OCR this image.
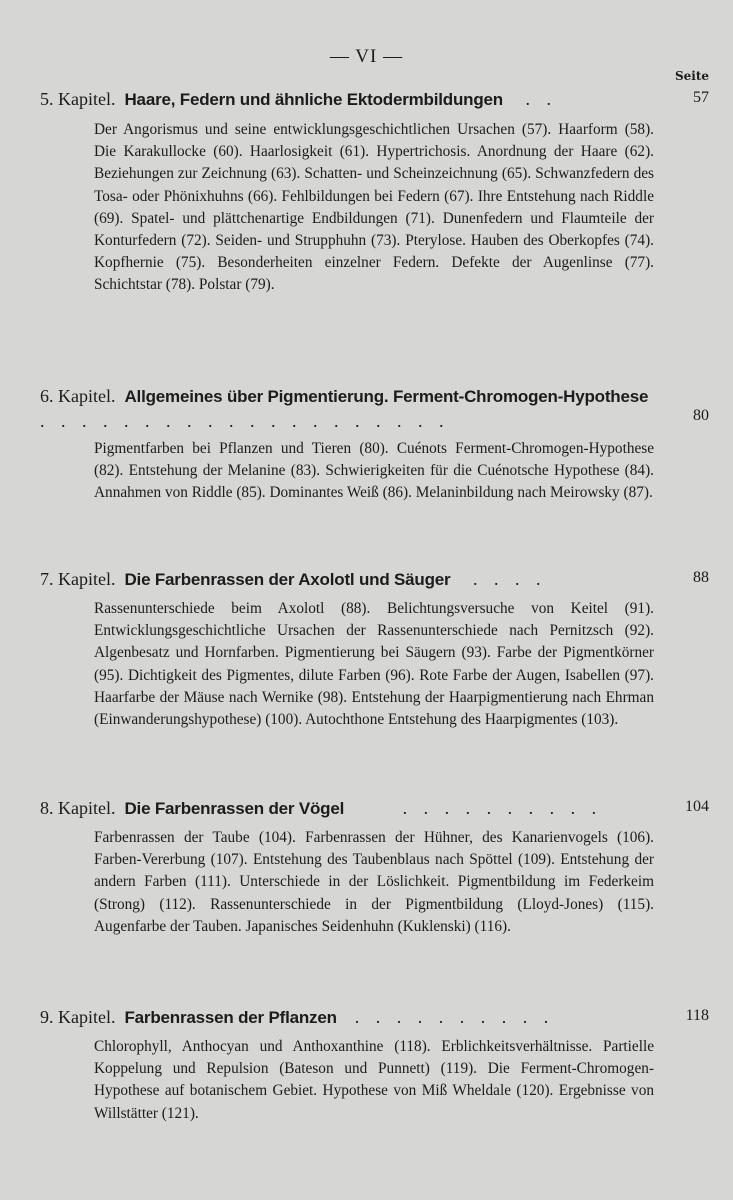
— VI —
Seite
5. Kapitel. Haare, Federn und ähnliche Ektodermbildungen . .	57
Der Angorismus und seine entwicklungsgeschichtlichen Ursachen (57). Haarform (58). Die Karakullocke (60). Haarlosigkeit (61). Hypertrichosis. Anordnung der Haare (62). Beziehungen zur Zeichnung (63). Schatten- und Scheinzeichnung (65). Schwanzfedern des Tosa- oder Phönixhuhns (66). Fehlbildungen bei Federn (67). Ihre Entstehung nach Riddle (69). Spatel- und plättchenartige Endbildungen (71). Dunenfedern und Flaumteile der Konturfedern (72). Seiden- und Strupphuhn (73). Pterylose. Hauben des Oberkopfes (74). Kopfhernie (75). Besonderheiten einzelner Federn. Defekte der Augenlinse (77). Schichtstar (78). Polstar (79).
6. Kapitel. Allgemeines über Pigmentierung. Ferment-Chromogen-Hypothese  . . . . . . . . . . . . . . . . . . . .	80
Pigmentfarben bei Pflanzen und Tieren (80). Cuénots Ferment-Chromogen-Hypothese (82). Entstehung der Melanine (83). Schwierigkeiten für die Cuénotsche Hypothese (84). Annahmen von Riddle (85). Dominantes Weiß (86). Melaninbildung nach Meirowsky (87).
7. Kapitel. Die Farbenrassen der Axolotl und Säuger . . . .	88
Rassenunterschiede beim Axolotl (88). Belichtungsversuche von Keitel (91). Entwicklungsgeschichtliche Ursachen der Rassenunterschiede nach Pernitzsch (92). Algenbesatz und Hornfarben. Pigmentierung bei Säugern (93). Farbe der Pigmentkörner (95). Dichtigkeit des Pigmentes, dilute Farben (96). Rote Farbe der Augen, Isabellen (97). Haarfarbe der Mäuse nach Wernike (98). Entstehung der Haarpigmentierung nach Ehrman (Einwanderungshypothese) (100). Autochthone Entstehung des Haarpigmentes (103).
8. Kapitel. Die Farbenrassen der Vögel	. . . . . . . . . .	104
Farbenrassen der Taube (104). Farbenrassen der Hühner, des Kanarienvogels (106). Farben-Vererbung (107). Entstehung des Taubenblaus nach Spöttel (109). Entstehung der andern Farben (111). Unterschiede in der Löslichkeit. Pigmentbildung im Federkeim (Strong) (112). Rassenunterschiede in der Pigmentbildung (Lloyd-Jones) (115). Augenfarbe der Tauben. Japanisches Seidenhuhn (Kuklenski) (116).
9. Kapitel. Farbenrassen der Pflanzen . . . . . . . . . .	118
Chlorophyll, Anthocyan und Anthoxanthine (118). Erblichkeitsverhältnisse. Partielle Koppelung und Repulsion (Bateson und Punnett) (119). Die Ferment-Chromogen-Hypothese auf botanischem Gebiet. Hypothese von Miß Wheldale (120). Ergebnisse von Willstätter (121).
